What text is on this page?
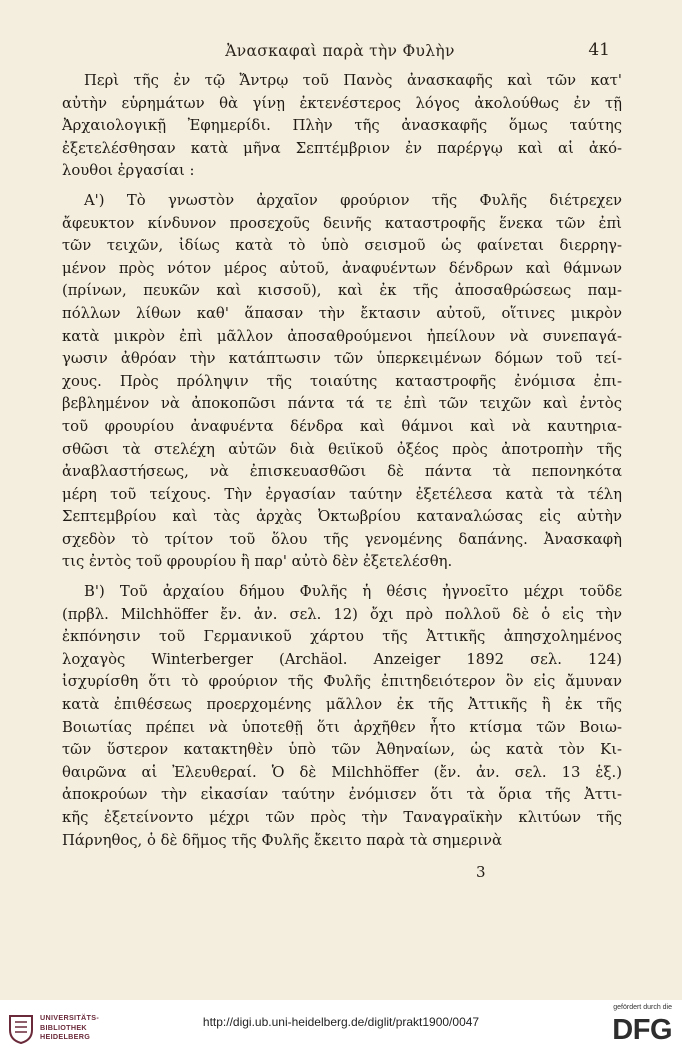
Ἀνασκαφαὶ παρὰ τὴν Φυλὴν	41
Περὶ τῆς ἐν τῷ Ἄντρῳ τοῦ Πανὸς ἀνασκαφῆς καὶ τῶν κατ'
αὐτὴν εὑρημάτων θὰ γίνῃ ἐκτενέστερος λόγος ἀκολούθως ἐν τῇ
Ἀρχαιολογικῇ Ἐφημερίδι. Πλὴν τῆς ἀνασκαφῆς ὅμως ταύτης
ἐξετελέσθησαν κατὰ μῆνα Σεπτέμβριον ἐν παρέργῳ καὶ αἱ ἀκό-
λουθοι ἐργασίαι :
Α') Τὸ γνωστὸν ἀρχαῖον φρούριον τῆς Φυλῆς διέτρεχεν
ἄφευκτον κίνδυνον προσεχοῦς δεινῆς καταστροφῆς ἕνεκα τῶν ἐπὶ
τῶν τειχῶν, ἰδίως κατὰ τὸ ὑπὸ σεισμοῦ ὡς φαίνεται διερρηγ-
μένον πρὸς νότον μέρος αὐτοῦ, ἀναφυέντων δένδρων καὶ θάμνων
(πρίνων, πευκῶν καὶ κισσοῦ), καὶ ἐκ τῆς ἀποσαθρώσεως παμ-
πόλλων λίθων καθ' ἅπασαν τὴν ἔκτασιν αὐτοῦ, οἵτινες μικρὸν
κατὰ μικρὸν ἐπὶ μᾶλλον ἀποσαθρούμενοι ἠπείλουν νὰ συνεπαγά-
γωσιν ἀθρόαν τὴν κατάπτωσιν τῶν ὑπερκειμένων δόμων τοῦ τεί-
χους. Πρὸς πρόληψιν τῆς τοιαύτης καταστροφῆς ἐνόμισα ἐπι-
βεβλημένον νὰ ἀποκοπῶσι πάντα τά τε ἐπὶ τῶν τειχῶν καὶ ἐντὸς
τοῦ φρουρίου ἀναφυέντα δένδρα καὶ θάμνοι καὶ νὰ καυτηρια-
σθῶσι τὰ στελέχη αὐτῶν διὰ θειϊκοῦ ὀξέος πρὸς ἀποτροπὴν τῆς
ἀναβλαστήσεως, νὰ ἐπισκευασθῶσι δὲ πάντα τὰ πεπονηκότα
μέρη τοῦ τείχους. Τὴν ἐργασίαν ταύτην ἐξετέλεσα κατὰ τὰ τέλη
Σεπτεμβρίου καὶ τὰς ἀρχὰς Ὀκτωβρίου καταναλώσας εἰς αὐτὴν
σχεδὸν τὸ τρίτον τοῦ ὅλου τῆς γενομένης δαπάνης. Ἀνασκαφὴ
τις ἐντὸς τοῦ φρουρίου ἢ παρ' αὐτὸ δὲν ἐξετελέσθη.
Β') Τοῦ ἀρχαίου δήμου Φυλῆς ἡ θέσις ἠγνοεῖτο μέχρι τοῦδε
(πρβλ. Milchhöffer ἔν. ἀν. σελ. 12) ὄχι πρὸ πολλοῦ δὲ ὁ εἰς τὴν
ἐκπόνησιν τοῦ Γερμανικοῦ χάρτου τῆς Ἀττικῆς ἀπησχολημένος
λοχαγὸς Winterberger (Archäol. Anzeiger 1892 σελ. 124)
ἰσχυρίσθη ὅτι τὸ φρούριον τῆς Φυλῆς ἐπιτηδειότερον ὃν εἰς ἄμυναν
κατὰ ἐπιθέσεως προερχομένης μᾶλλον ἐκ τῆς Ἀττικῆς ἢ ἐκ τῆς
Βοιωτίας πρέπει νὰ ὑποτεθῇ ὅτι ἀρχῆθεν ἦτο κτίσμα τῶν Βοιω-
τῶν ὕστερον κατακτηθὲν ὑπὸ τῶν Ἀθηναίων, ὡς κατὰ τὸν Κι-
θαιρῶνα αἱ Ἐλευθεραί. Ὁ δὲ Milchhöffer (ἔν. ἀν. σελ. 13 ἑξ.)
ἀποκρούων τὴν εἰκασίαν ταύτην ἐνόμισεν ὅτι τὰ ὅρια τῆς Ἀττι-
κῆς ἐξετείνοντο μέχρι τῶν πρὸς τὴν Ταναγραϊκὴν κλιτύων τῆς
Πάρνηθος, ὁ δὲ δῆμος τῆς Φυλῆς ἔκειτο παρὰ τὰ σημερινὰ
3
UNIVERSITÄTS-
BIBLIOTHEK
HEIDELBERG
http://digi.ub.uni-heidelberg.de/diglit/prakt1900/0047
gefördert durch die
DFG
